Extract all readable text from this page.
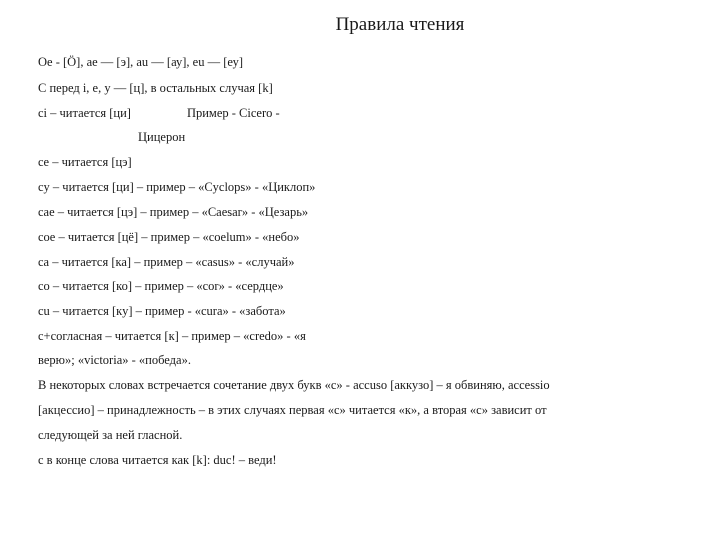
Правила чтения
Oe - [Ö], ae — [э], au — [ау], eu — [еу]
С перед i, e, y — [ц], в остальных случая [k]
ci – читается [ци]	Пример - Cicero -
Цицерон
ce – читается [цэ]
cy – читается [ци] – пример – «Cyclops» - «Циклоп»
cae – читается [цэ] – пример – «Caesar» - «Цезарь»
coe – читается [цё] – пример – «coelum» - «небо»
ca – читается [ка] – пример – «casus» - «случай»
co – читается [ко] – пример – «cor» - «сердце»
cu – читается [ку] – пример - «cura» - «забота»
с+согласная – читается [к] – пример – «credo» - «я
верю»; «victoria» - «победа».
В некоторых словах встречается сочетание двух букв «с» - accuso [аккузо] – я обвиняю, accessio
[акцессио] – принадлежность – в этих случаях первая «с» читается «к», а вторая «с» зависит от
следующей за ней гласной.
с в конце слова читается как [k]: duc! – веди!
